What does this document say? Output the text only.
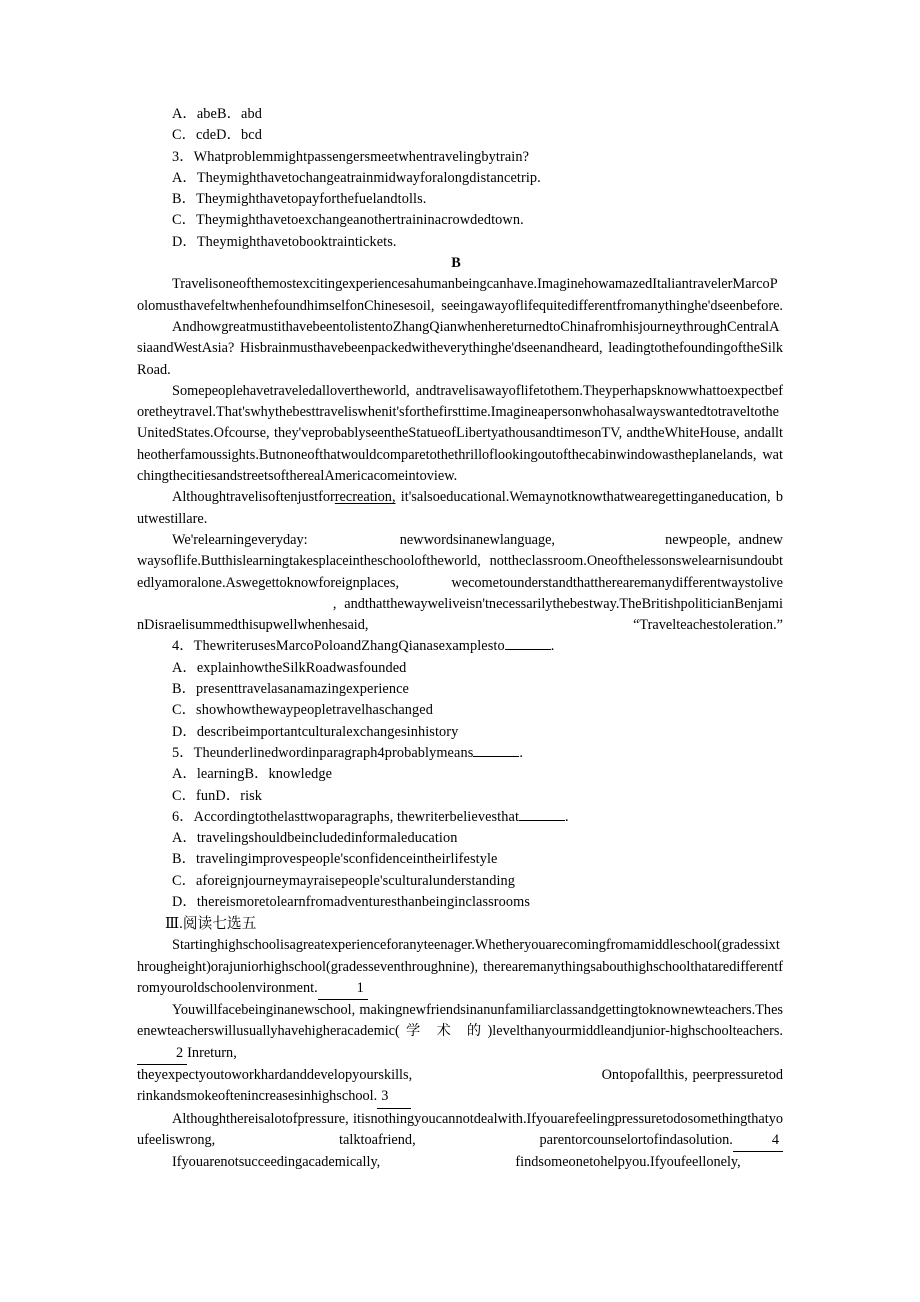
A．abeB．abd

C．cdeD．bcd

3．Whatproblemmightpassengersmeetwhentravelingbytrain?

A．Theymighthavetochangeatrainmidwayforalongdistancetrip.

B．Theymighthavetopayforthefuelandtolls.

C．Theymighthavetoexchangeanothertraininacrowdedtown.

D．Theymighthavetobooktraintickets.

B

Travelisoneofthemostexcitingexperiencesahumanbeingcanhave.ImaginehowamazedItaliantravelerMarcoPolomusthavefeltwhenhefoundhimselfonChinesesoil, seeingawayoflifequitedifferentfromanythinghe'dseenbefore.

AndhowgreatmustithavebeentolistentoZhangQianwhenhereturnedtoChinafromhisjourneythroughCentralAsiaandWestAsia? Hisbrainmusthavebeenpackedwitheverythinghe'dseenandheard, leadingtothefoundingoftheSilkRoad.

Somepeoplehavetraveledallovertheworld, andtravelisawayoflifetothem.Theyperhapsknowwhattoexpectbeforetheytravel.That'swhythebesttraveliswhenit'sforthefirsttime.ImagineapersonwhohasalwayswantedtotraveltotheUnitedStates.Ofcourse, they'veprobablyseentheStatueofLibertyathousandtimesonTV, andtheWhiteHouse, andalltheotherfamoussights.Butnoneofthatwouldcomparetothethrilloflookingoutofthecabinwindowastheplanelands, watchingthecitiesandstreetsoftherealAmericacomeintoview.

Althoughtravelisoftenjustforrecreation, it'salsoeducational.Wemaynotknowthatwearegettinganeducation, butwestillare.

We'relearningeveryday:	newwordsinanewlanguage,	newpeople, andnewwaysoflife.Butthislearningtakesplaceintheschooloftheworld, nottheclassroom.Oneofthelessonswelearnisundoubtedlyamoralone.Aswegettoknowforeignplaces, wecometounderstandthattherearemanydifferentwaystolive                                             , andthatthewayweliveisn'tnecessarilythebestway.TheBritishpoliticianBenjaminDisraelisummedthisupwellwhenhesaid, “Travelteachestoleration.”

4．ThewriterusesMarcoPoloandZhangQianasexamplesto	.

A．explainhowtheSilkRoadwasfounded

B．presenttravelasanamazingexperience

C．showhowthewaypeopletravelhaschanged

D．describeimportantculturalexchangesinhistory

5．Theunderlinedwordinparagraph4probablymeans	.

A．learningB．knowledge

C．funD．risk

6．Accordingtothelasttwoparagraphs, thewriterbelievesthat	.

A．travelingshouldbeincludedinformaleducation

B．travelingimprovespeople'sconfidenceintheirlifestyle

C．aforeignjourneymayraisepeople'sculturalunderstanding

D．thereismoretolearnfromadventuresthanbeinginclassrooms

Ⅲ.阅读七选五

Startinghighschoolisagreatexperienceforanyteenager.Whetheryouarecomingfromamiddleschool(gradessixthrougheight)orajuniorhighschool(gradesseventhroughnine), therearemanythingsabouthighschoolthataredifferentfromyouroldschoolenvironment.	1

Youwillfacebeinginanewschool, makingnewfriendsinanunfamiliarclassandgettingtoknownewteachers.Thesenewteacherswillusuallyhavehigheracademic(学 术 的)levelthanyourmiddleandjunior-highschoolteachers.2 Inreturn,

theyexpectyoutoworkhardanddevelopyourskills,	Ontopofallthis, peerpressuretodrinkandsmokeoftenincreasesinhighschool. 3

Althoughthereisalotofpressure, itisnothingyoucannotdealwith.Ifyouarefeelingpressuretodosomethingthatyoufeeliswrong, talktoafriend, parentorcounselortofindasolution.	4

Ifyouarenotsucceedingacademically,	findsomeonetohelpyou.Ifyoufeellonely,
